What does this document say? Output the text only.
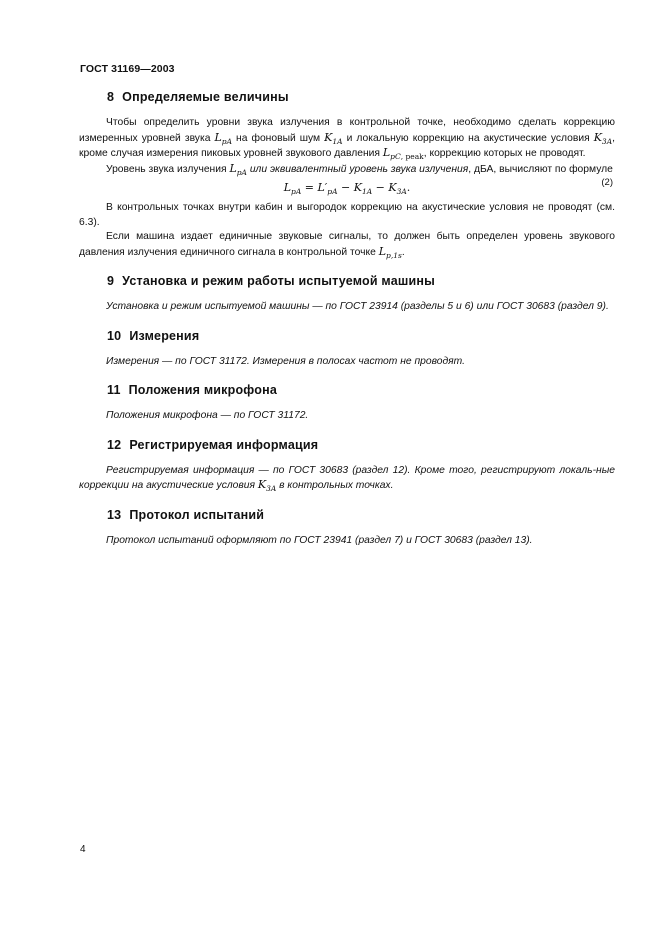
ГОСТ 31169—2003
8 Определяемые величины

Чтобы определить уровни звука излучения в контрольной точке, необходимо сделать коррекцию измеренных уровней звука $L_{pA}$ на фоновый шум $K_{1A}$ и локальную коррекцию на акустические условия $K_{3A}$, кроме случая измерения пиковых уровней звукового давления $L_{pC, peak}$, коррекцию которых не проводят.

Уровень звука излучения $L_{pA}$ или эквивалентный уровень звука излучения, дБА, вычисляют по формуле

$L_{pA} = L'_{pA} - K_{1A} - K_{3A}$.	(2)

В контрольных точках внутри кабин и выгородок коррекцию на акустические условия не проводят (см. 6.3).

Если машина издает единичные звуковые сигналы, то должен быть определен уровень звукового давления излучения единичного сигнала в контрольной точке $L_{p,1s}$.

9 Установка и режим работы испытуемой машины

Установка и режим испытуемой машины — по ГОСТ 23914 (разделы 5 и 6) или ГОСТ 30683 (раздел 9).

10 Измерения

Измерения — по ГОСТ 31172. Измерения в полосах частот не проводят.

11 Положения микрофона

Положения микрофона — по ГОСТ 31172.

12 Регистрируемая информация

Регистрируемая информация — по ГОСТ 30683 (раздел 12). Кроме того, регистрируют локаль-ные коррекции на акустические условия $K_{3A}$ в контрольных точках.

13 Протокол испытаний

Протокол испытаний оформляют по ГОСТ 23941 (раздел 7) и ГОСТ 30683 (раздел 13).

4
